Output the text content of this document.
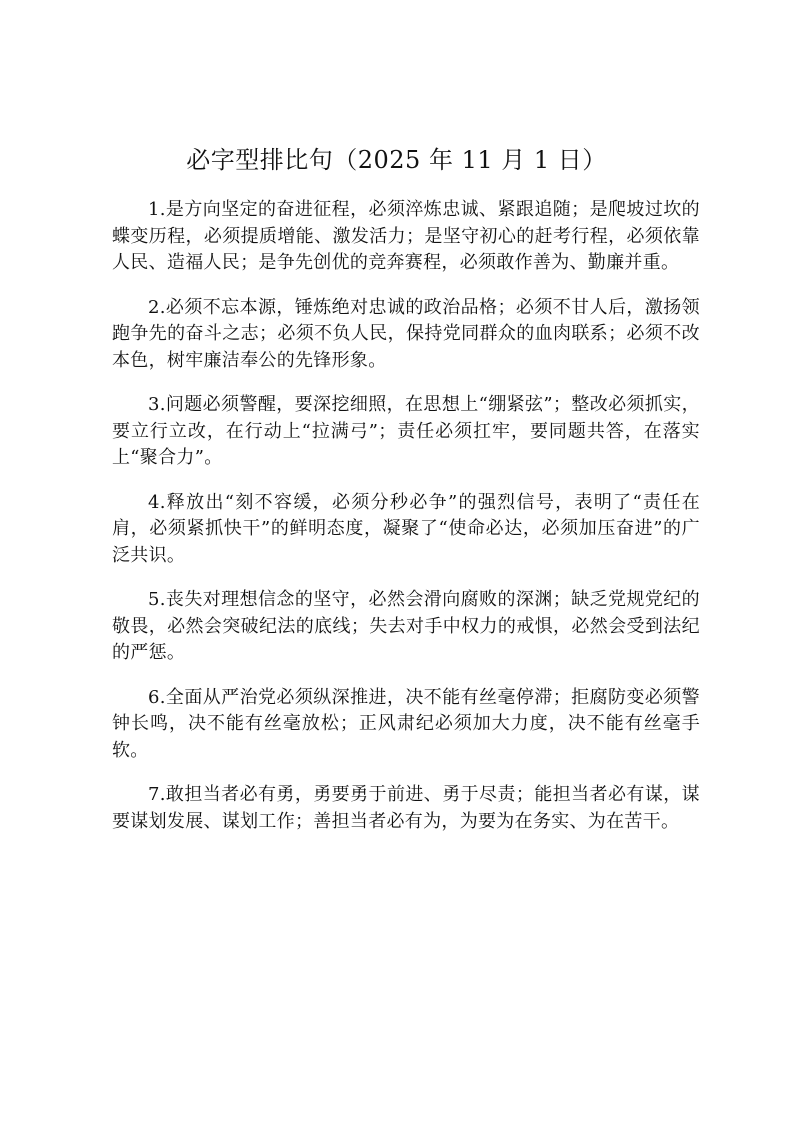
必字型排比句（2025 年 11 月 1 日）

1.是方向坚定的奋进征程，必须淬炼忠诚、紧跟追随；是爬坡过坎的蝶变历程，必须提质增能、激发活力；是坚守初心的赶考行程，必须依靠人民、造福人民；是争先创优的竞奔赛程，必须敢作善为、勤廉并重。

2.必须不忘本源，锤炼绝对忠诚的政治品格；必须不甘人后，激扬领跑争先的奋斗之志；必须不负人民，保持党同群众的血肉联系；必须不改本色，树牢廉洁奉公的先锋形象。

3.问题必须警醒，要深挖细照，在思想上“绷紧弦”；整改必须抓实，要立行立改，在行动上“拉满弓”；责任必须扛牢，要同题共答，在落实上“聚合力”。

4.释放出“刻不容缓，必须分秒必争”的强烈信号，表明了“责任在肩，必须紧抓快干”的鲜明态度，凝聚了“使命必达，必须加压奋进”的广泛共识。

5.丧失对理想信念的坚守，必然会滑向腐败的深渊；缺乏党规党纪的敬畏，必然会突破纪法的底线；失去对手中权力的戒惧，必然会受到法纪的严惩。

6.全面从严治党必须纵深推进，决不能有丝毫停滞；拒腐防变必须警钟长鸣，决不能有丝毫放松；正风肃纪必须加大力度，决不能有丝毫手软。

7.敢担当者必有勇，勇要勇于前进、勇于尽责；能担当者必有谋，谋要谋划发展、谋划工作；善担当者必有为，为要为在务实、为在苦干。
